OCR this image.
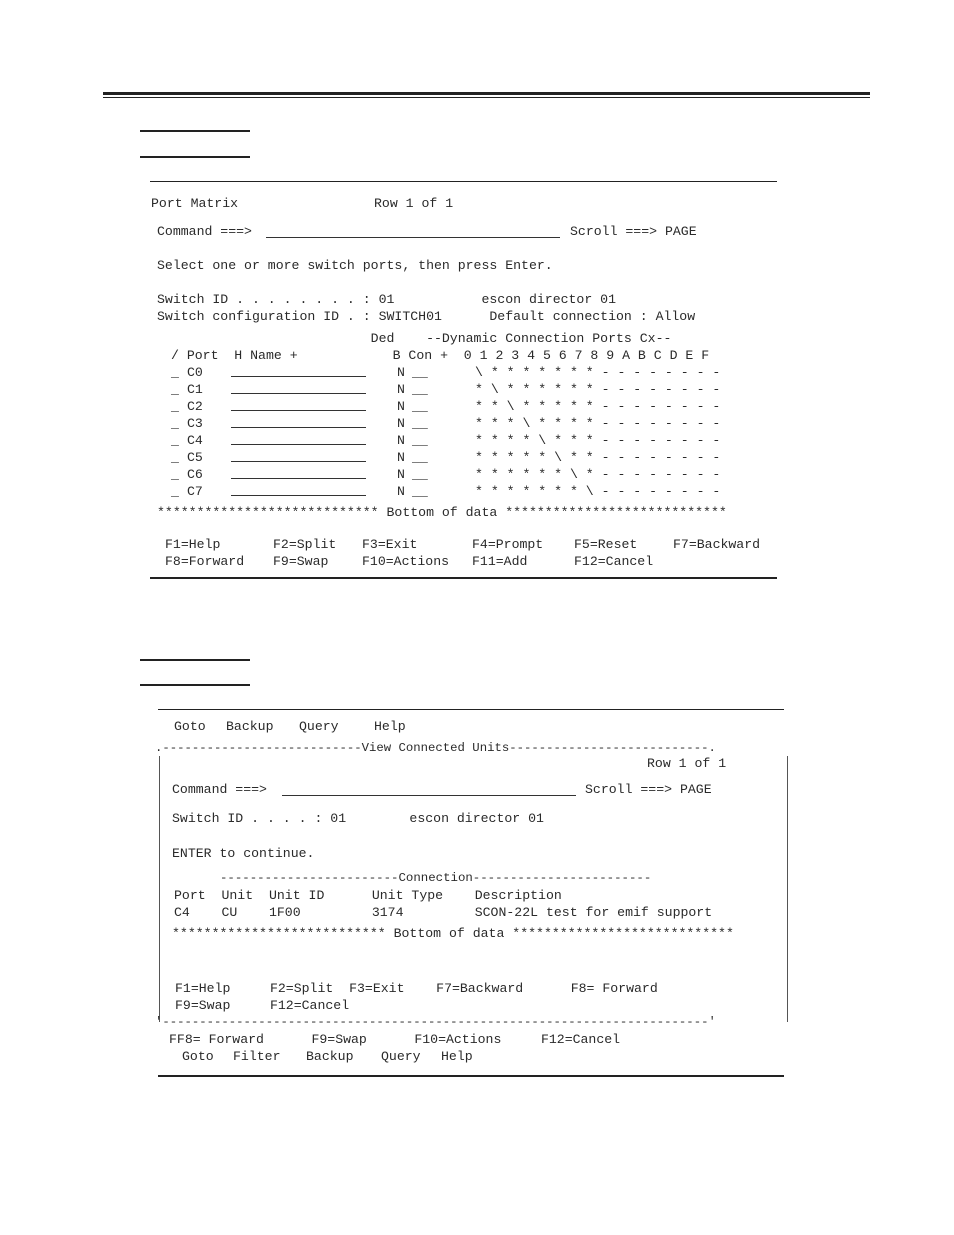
Port Matrix	Row 1 of 1
Command ===>	Scroll ===> PAGE
Select one or more switch ports, then press Enter.
Switch ID . . . . . . . . : 01           escon director 01
Switch configuration ID . : SWITCH01      Default connection : Allow
Ded    --Dynamic Connection Ports Cx--
/ Port  H Name +            B Con +  0 1 2 3 4 5 6 7 8 9 A B C D E F
_ C0	N __	\ * * * * * * * - - - - - - - -
_ C1	N __	* \ * * * * * * - - - - - - - -
_ C2	N __	* * \ * * * * * - - - - - - - -
_ C3	N __	* * * \ * * * * - - - - - - - -
_ C4	N __	* * * * \ * * * - - - - - - - -
_ C5	N __	* * * * * \ * * - - - - - - - -
_ C6	N __	* * * * * * \ * - - - - - - - -
_ C7	N __	* * * * * * * \ - - - - - - - -
**************************** Bottom of data ****************************
F1=Help	F2=Split F3=Exit	F4=Prompt F5=Reset	F7=Backward
F8=Forward F9=Swap	F10=Actions F11=Add	F12=Cancel
Goto Backup Query	Help
.---------------------------View Connected Units---------------------------.
Row 1 of 1
Command ===>	Scroll ===> PAGE
Switch ID . . . . : 01        escon director 01
ENTER to continue.
------------------------Connection------------------------
Port  Unit  Unit ID      Unit Type    Description
C4    CU    1F00         3174         SCON-22L test for emif support
*************************** Bottom of data ****************************
F1=Help     F2=Split  F3=Exit    F7=Backward      F8= Forward
F9=Swap     F12=Cancel
'--------------------------------------------------------------------------'
FF8= Forward      F9=Swap      F10=Actions     F12=Cancel
Goto Filter Backup Query Help
